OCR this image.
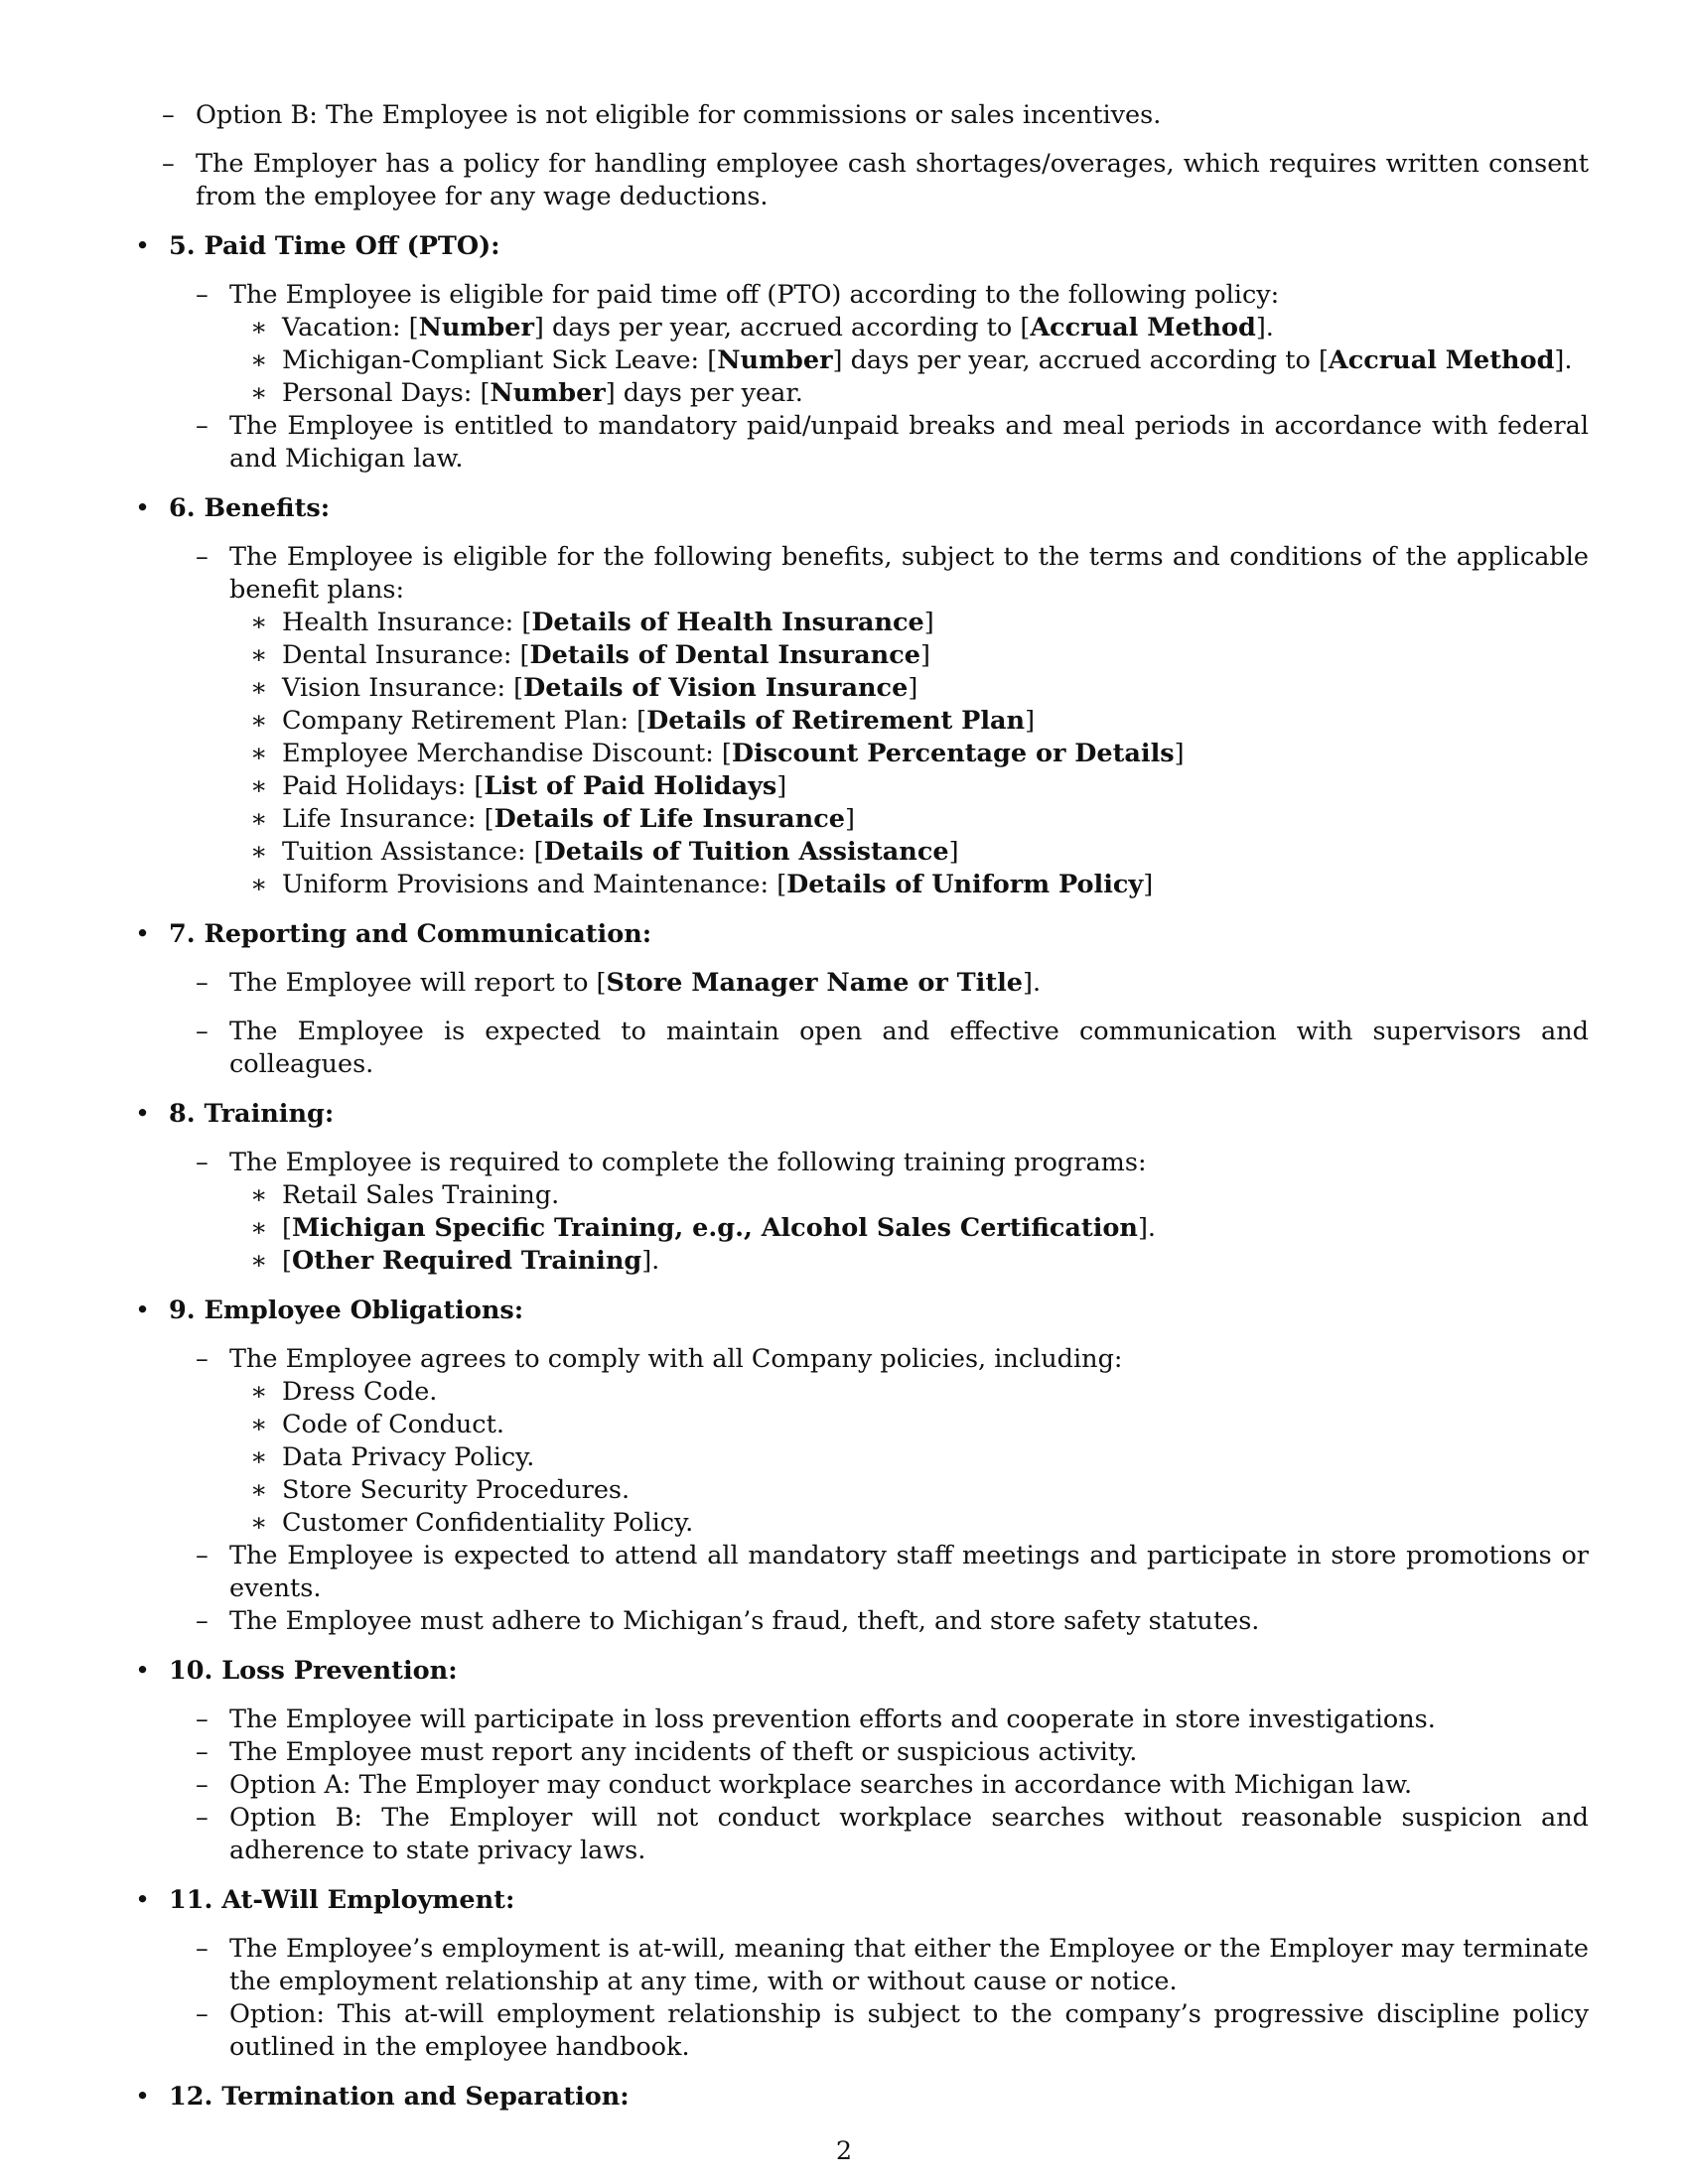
– Option B: The Employee is not eligible for commissions or sales incentives.
– The Employer has a policy for handling employee cash shortages/overages, which requires written consent from the employee for any wage deductions.
• 5. Paid Time Off (PTO):
– The Employee is eligible for paid time off (PTO) according to the following policy:
∗ Vacation: [Number] days per year, accrued according to [Accrual Method].
∗ Michigan-Compliant Sick Leave: [Number] days per year, accrued according to [Accrual Method].
∗ Personal Days: [Number] days per year.
– The Employee is entitled to mandatory paid/unpaid breaks and meal periods in accordance with federal and Michigan law.
• 6. Benefits:
– The Employee is eligible for the following benefits, subject to the terms and conditions of the applicable benefit plans:
∗ Health Insurance: [Details of Health Insurance]
∗ Dental Insurance: [Details of Dental Insurance]
∗ Vision Insurance: [Details of Vision Insurance]
∗ Company Retirement Plan: [Details of Retirement Plan]
∗ Employee Merchandise Discount: [Discount Percentage or Details]
∗ Paid Holidays: [List of Paid Holidays]
∗ Life Insurance: [Details of Life Insurance]
∗ Tuition Assistance: [Details of Tuition Assistance]
∗ Uniform Provisions and Maintenance: [Details of Uniform Policy]
• 7. Reporting and Communication:
– The Employee will report to [Store Manager Name or Title].
– The Employee is expected to maintain open and effective communication with supervisors and colleagues.
• 8. Training:
– The Employee is required to complete the following training programs:
∗ Retail Sales Training.
∗ [Michigan Specific Training, e.g., Alcohol Sales Certification].
∗ [Other Required Training].
• 9. Employee Obligations:
– The Employee agrees to comply with all Company policies, including:
∗ Dress Code.
∗ Code of Conduct.
∗ Data Privacy Policy.
∗ Store Security Procedures.
∗ Customer Confidentiality Policy.
– The Employee is expected to attend all mandatory staff meetings and participate in store promotions or events.
– The Employee must adhere to Michigan’s fraud, theft, and store safety statutes.
• 10. Loss Prevention:
– The Employee will participate in loss prevention efforts and cooperate in store investigations.
– The Employee must report any incidents of theft or suspicious activity.
– Option A: The Employer may conduct workplace searches in accordance with Michigan law.
– Option B: The Employer will not conduct workplace searches without reasonable suspicion and adherence to state privacy laws.
• 11. At-Will Employment:
– The Employee’s employment is at-will, meaning that either the Employee or the Employer may terminate the employment relationship at any time, with or without cause or notice.
– Option: This at-will employment relationship is subject to the company’s progressive discipline policy outlined in the employee handbook.
• 12. Termination and Separation:
2
